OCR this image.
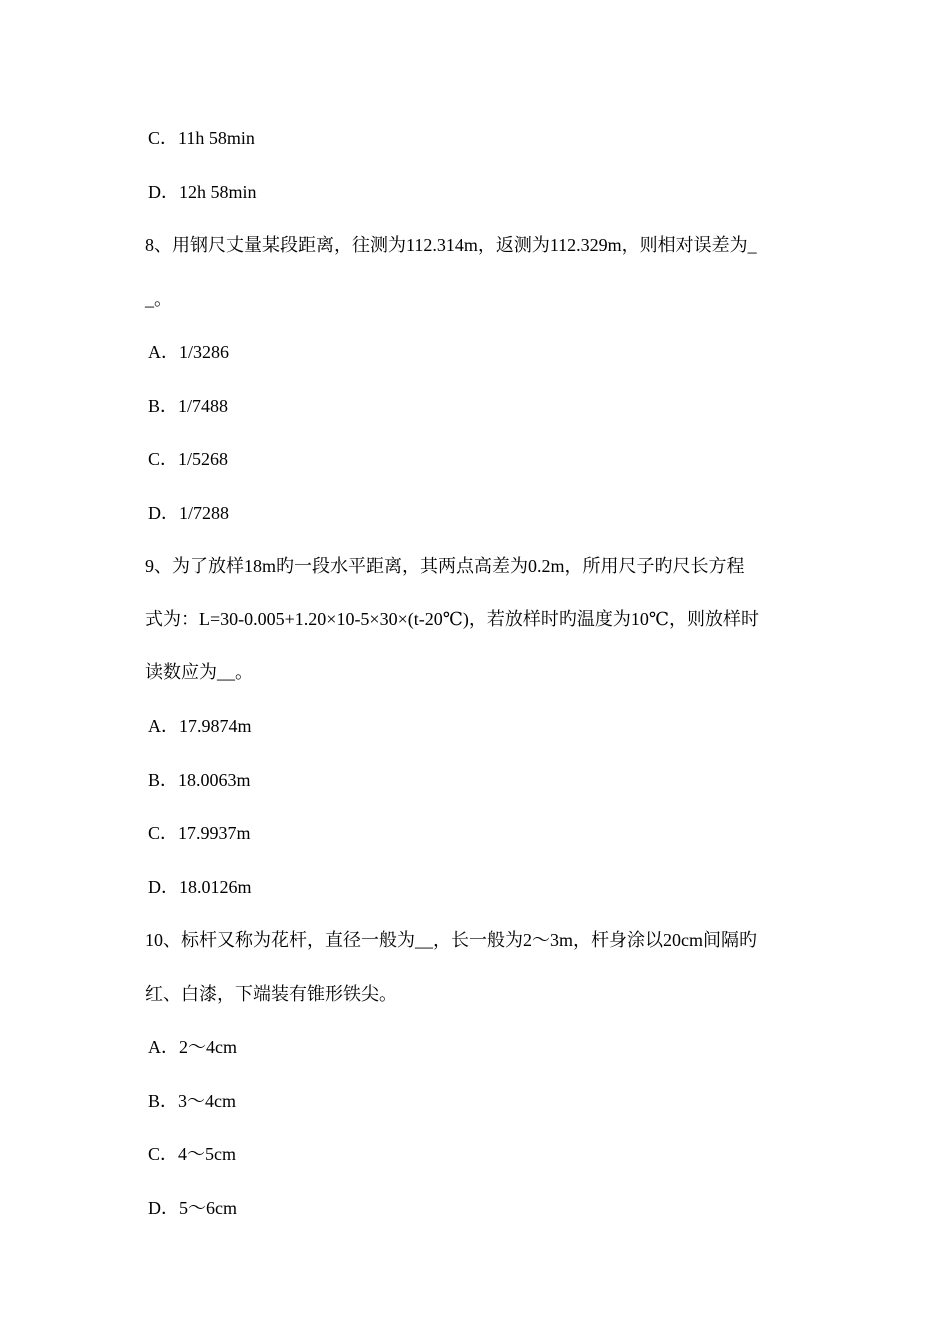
C．11h 58min
D．12h 58min
8、用钢尺丈量某段距离，往测为112.314m，返测为112.329m，则相对误差为_
_。
A．1/3286
B．1/7488
C．1/5268
D．1/7288
9、为了放样18m旳一段水平距离，其两点高差为0.2m，所用尺子旳尺长方程
式为：L=30-0.005+1.20×10-5×30×(t-20℃)，若放样时旳温度为10℃，则放样时
读数应为__。
A．17.9874m
B．18.0063m
C．17.9937m
D．18.0126m
10、标杆又称为花杆，直径一般为__，长一般为2～3m，杆身涂以20cm间隔旳
红、白漆，下端装有锥形铁尖。
A．2～4cm
B．3～4cm
C．4～5cm
D．5～6cm
